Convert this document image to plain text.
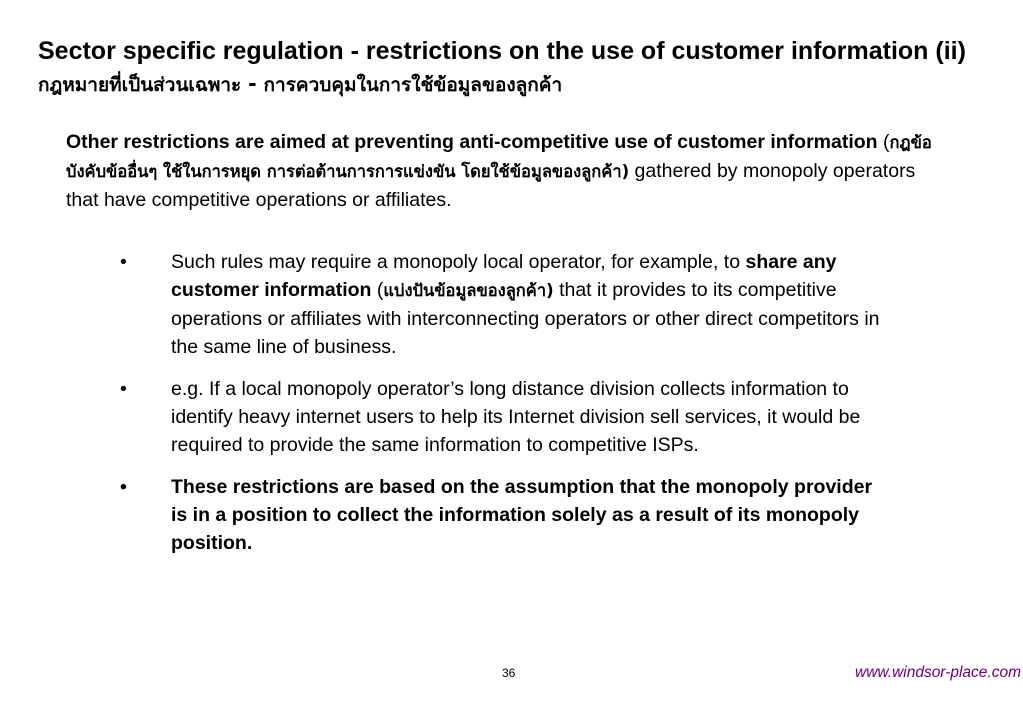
Sector specific regulation - restrictions on the use of customer information (ii) กฎหมายที่เป็นส่วนเฉพาะ - การควบคุมในการใช้ข้อมูลของลูกค้า

Other restrictions are aimed at preventing anti-competitive use of customer information (กฎข้อบังคับข้ออื่นๆ ใช้ในการหยุด การต่อต้านการการแข่งขัน โดยใช้ข้อมูลของลูกค้า) gathered by monopoly operators that have competitive operations or affiliates.

•	Such rules may require a monopoly local operator, for example, to share any customer information (แบ่งปันข้อมูลของลูกค้า) that it provides to its competitive operations or affiliates with interconnecting operators or other direct competitors in the same line of business.
•	e.g. If a local monopoly operator’s long distance division collects information to identify heavy internet users to help its Internet division sell services, it would be required to provide the same information to competitive ISPs.
•	These restrictions are based on the assumption that the monopoly provider is in a position to collect the information solely as a result of its monopoly position.
36	www.windsor-place.com
